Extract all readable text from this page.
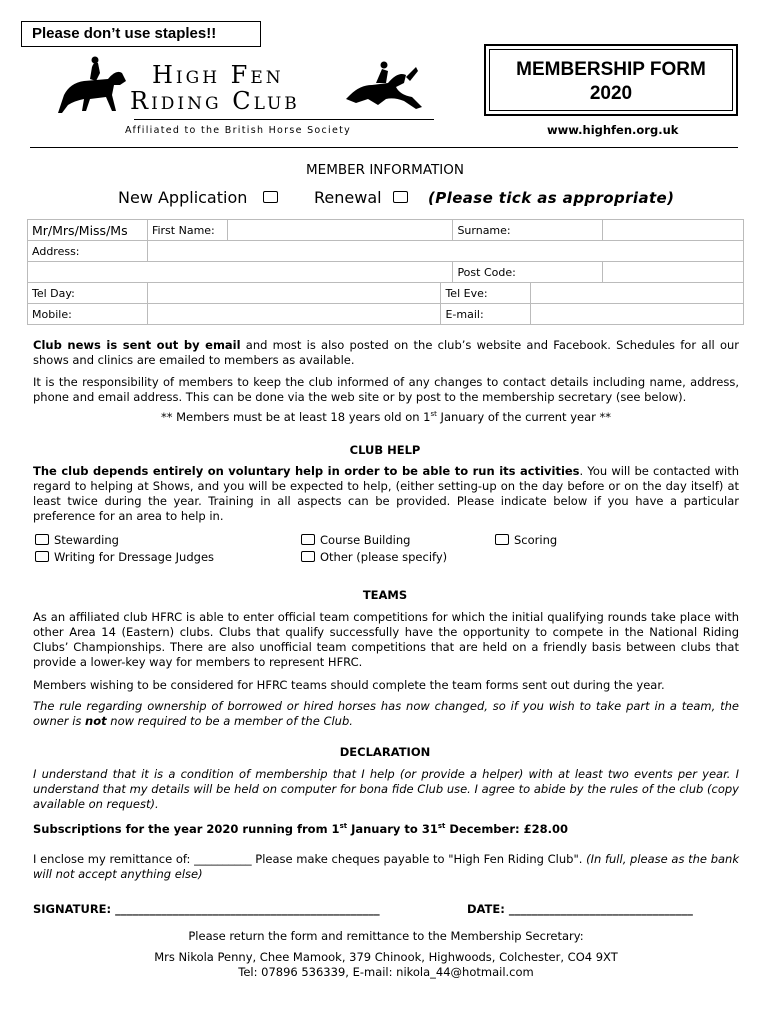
Please don’t use staples!!
High Fen
Riding Club
Affiliated to the British Horse Society
MEMBERSHIP FORM
2020
www.highfen.org.uk
MEMBER INFORMATION
New Application	Renewal	(Please tick as appropriate)
Mr/Mrs/Miss/Ms	First Name:			Surname:		
Address:						
				Post Code:		
Tel Day:			Tel Eve:			
Mobile:			E-mail:			
Club news is sent out by email and most is also posted on the club’s website and Facebook. Schedules for all our shows and clinics are emailed to members as available.
It is the responsibility of members to keep the club informed of any changes to contact details including name, address, phone and email address. This can be done via the web site or by post to the membership secretary (see below).
** Members must be at least 18 years old on 1st January of the current year **
CLUB HELP
The club depends entirely on voluntary help in order to be able to run its activities. You will be contacted with regard to helping at Shows, and you will be expected to help, (either setting-up on the day before or on the day itself) at least twice during the year. Training in all aspects can be provided. Please indicate below if you have a particular preference for an area to help in.
Stewarding	Course Building	Scoring
Writing for Dressage Judges	Other (please specify)
TEAMS
As an affiliated club HFRC is able to enter official team competitions for which the initial qualifying rounds take place with other Area 14 (Eastern) clubs. Clubs that qualify successfully have the opportunity to compete in the National Riding Clubs’ Championships. There are also unofficial team competitions that are held on a friendly basis between clubs that provide a lower-key way for members to represent HFRC.
Members wishing to be considered for HFRC teams should complete the team forms sent out during the year.
The rule regarding ownership of borrowed or hired horses has now changed, so if you wish to take part in a team, the owner is not now required to be a member of the Club.
DECLARATION
I understand that it is a condition of membership that I help (or provide a helper) with at least two events per year. I understand that my details will be held on computer for bona fide Club use. I agree to abide by the rules of the club (copy available on request).
Subscriptions for the year 2020 running from 1st January to 31st December: £28.00
I enclose my remittance of: __________ Please make cheques payable to "High Fen Riding Club". (In full, please as the bank will not accept anything else)
SIGNATURE: ______________________________________________	DATE: ________________________________
Please return the form and remittance to the Membership Secretary:
Mrs Nikola Penny, Chee Mamook, 379 Chinook, Highwoods, Colchester, CO4 9XT
Tel: 07896 536339, E-mail: nikola_44@hotmail.com
